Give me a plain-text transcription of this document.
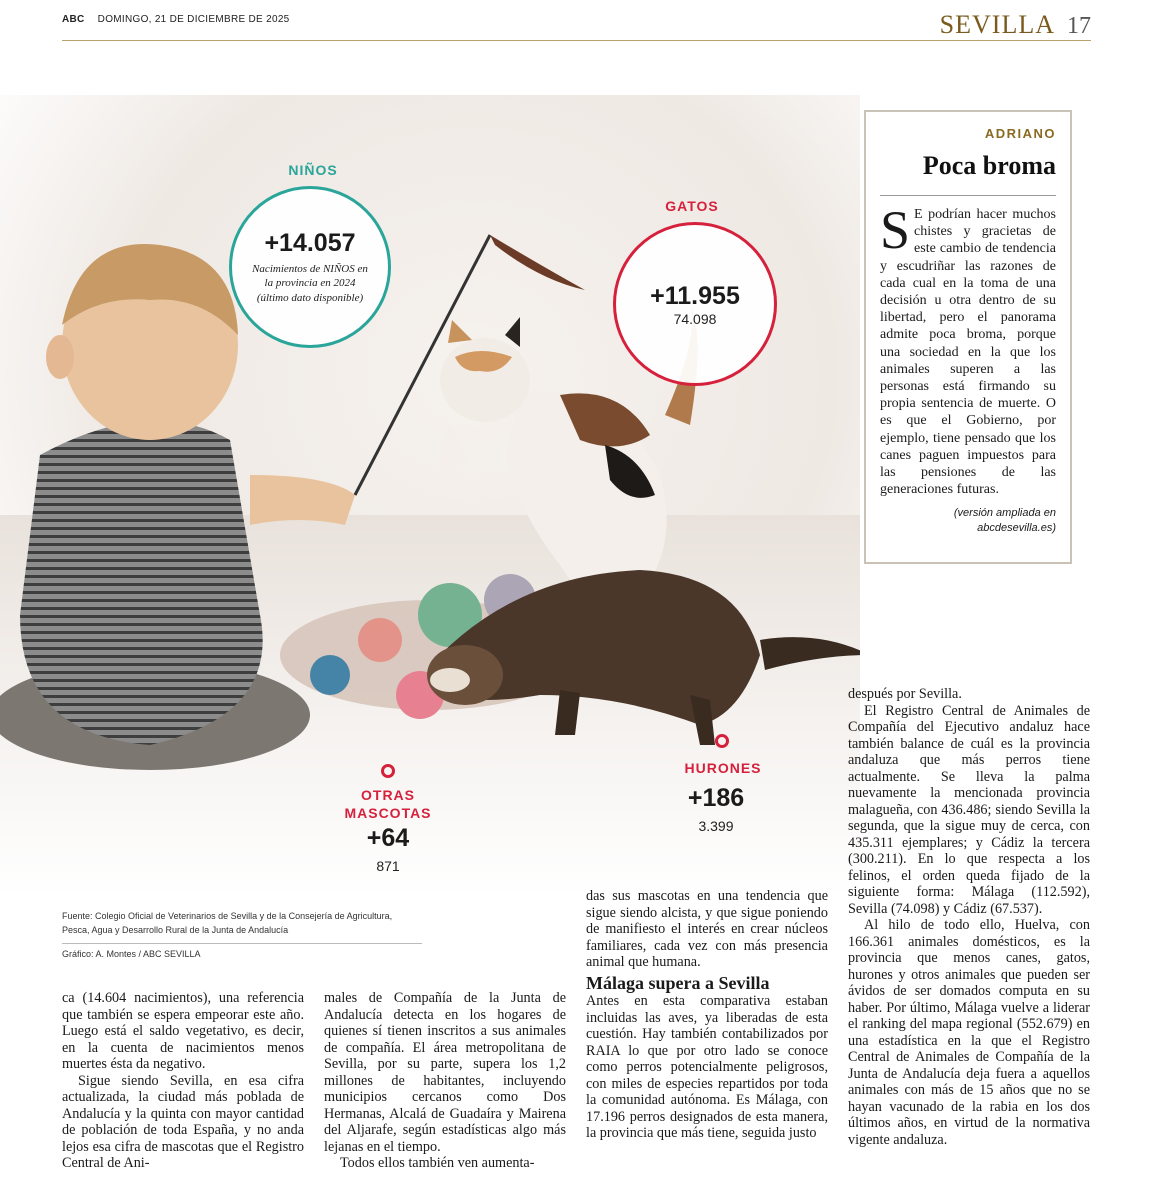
ABC DOMINGO, 21 DE DICIEMBRE DE 2025	SEVILLA 17
NIÑOS
+14.057
Nacimientos de NIÑOS en la provincia en 2024 (último dato disponible)
GATOS
+11.955
74.098
HURONES
+186
3.399
OTRAS
MASCOTAS
+64
871
ADRIANO
Poca broma
S E podrían hacer muchos chistes y gracietas de este cambio de tendencia y escudriñar las razones de cada cual en la toma de una decisión u otra dentro de su libertad, pero el panorama admite poca broma, porque una sociedad en la que los animales superen a las personas está firmando su propia sentencia de muerte. O es que el Gobierno, por ejemplo, tiene pensado que los canes paguen impuestos para las pensiones de las generaciones futuras.
(versión ampliada en
abcdesevilla.es)
Fuente: Colegio Oficial de Veterinarios de Sevilla y de la Consejería de Agricultura, Pesca, Agua y Desarrollo Rural de la Junta de Andalucía
Gráfico: A. Montes / ABC SEVILLA

ca (14.604 nacimientos), una referencia que también se espera empeorar este año. Luego está el saldo vegetativo, es decir, en la cuenta de nacimientos menos muertes ésta da negativo.

Sigue siendo Sevilla, en esa cifra actualizada, la ciudad más poblada de Andalucía y la quinta con mayor cantidad de población de toda España, y no anda lejos esa cifra de mascotas que el Registro Central de Ani-

males de Compañía de la Junta de Andalucía detecta en los hogares de quienes sí tienen inscritos a sus animales de compañía. El área metropolitana de Sevilla, por su parte, supera los 1,2 millones de habitantes, incluyendo municipios cercanos como Dos Hermanas, Alcalá de Guadaíra y Mairena del Aljarafe, según estadísticas algo más lejanas en el tiempo.

Todos ellos también ven aumenta-

das sus mascotas en una tendencia que sigue siendo alcista, y que sigue poniendo de manifiesto el interés en crear núcleos familiares, cada vez con más presencia animal que humana.

Málaga supera a Sevilla

Antes en esta comparativa estaban incluidas las aves, ya liberadas de esta cuestión. Hay también contabilizados por RAIA lo que por otro lado se conoce como perros potencialmente peligrosos, con miles de especies repartidos por toda la comunidad autónoma. Es Málaga, con 17.196 perros designados de esta manera, la provincia que más tiene, seguida justo

después por Sevilla.

El Registro Central de Animales de Compañía del Ejecutivo andaluz hace también balance de cuál es la provincia andaluza que más perros tiene actualmente. Se lleva la palma nuevamente la mencionada provincia malagueña, con 436.486; siendo Sevilla la segunda, que la sigue muy de cerca, con 435.311 ejemplares; y Cádiz la tercera (300.211). En lo que respecta a los felinos, el orden queda fijado de la siguiente forma: Málaga (112.592), Sevilla (74.098) y Cádiz (67.537).

Al hilo de todo ello, Huelva, con 166.361 animales domésticos, es la provincia que menos canes, gatos, hurones y otros animales que pueden ser ávidos de ser domados computa en su haber. Por último, Málaga vuelve a liderar el ranking del mapa regional (552.679) en una estadística en la que el Registro Central de Animales de Compañía de la Junta de Andalucía deja fuera a aquellos animales con más de 15 años que no se hayan vacunado de la rabia en los dos últimos años, en virtud de la normativa vigente andaluza.
